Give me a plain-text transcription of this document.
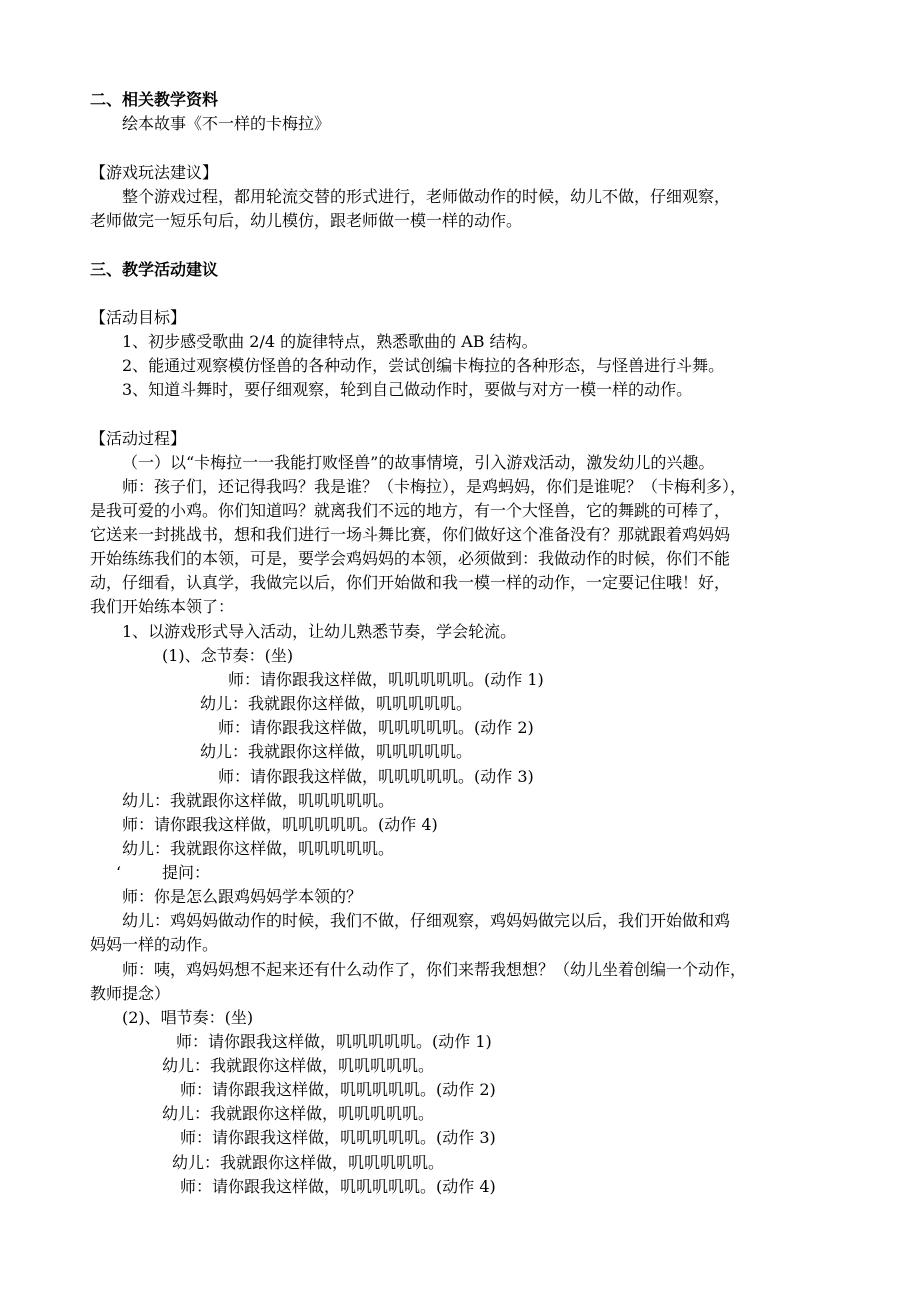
二、相关教学资料
绘本故事《不一样的卡梅拉》
【游戏玩法建议】
整个游戏过程，都用轮流交替的形式进行，老师做动作的时候，幼儿不做，仔细观察，
老师做完一短乐句后，幼儿模仿，跟老师做一模一样的动作。
三、教学活动建议
【活动目标】
1、初步感受歌曲 2/4 的旋律特点，熟悉歌曲的 AB 结构。
2、能通过观察模仿怪兽的各种动作，尝试创编卡梅拉的各种形态，与怪兽进行斗舞。
3、知道斗舞时，要仔细观察，轮到自己做动作时，要做与对方一模一样的动作。
【活动过程】
（一）以“卡梅拉一一我能打败怪兽”的故事情境，引入游戏活动，激发幼儿的兴趣。
师：孩子们，还记得我吗？我是谁？（卡梅拉），是鸡蚂妈，你们是谁呢？（卡梅利多），
是我可爱的小鸡。你们知道吗？就离我们不远的地方，有一个大怪兽，它的舞跳的可棒了，
它送来一封挑战书，想和我们进行一场斗舞比赛，你们做好这个准备没有？那就跟着鸡妈妈
开始练练我们的本领，可是，要学会鸡妈妈的本领，必须做到：我做动作的时候，你们不能
动，仔细看，认真学，我做完以后，你们开始做和我一模一样的动作，一定要记住哦！好，
我们开始练本领了：
1、以游戏形式导入活动，让幼儿熟悉节奏，学会轮流。
(1)、念节奏：(坐)
师：请你跟我这样做，叽叽叽叽叽。(动作 1)
幼儿：我就跟你这样做，叽叽叽叽叽。
师：请你跟我这样做，叽叽叽叽叽。(动作 2)
幼儿：我就跟你这样做，叽叽叽叽叽。
师：请你跟我这样做，叽叽叽叽叽。(动作 3)
幼儿：我就跟你这样做，叽叽叽叽叽。
师：请你跟我这样做，叽叽叽叽叽。(动作 4)
幼儿：我就跟你这样做，叽叽叽叽叽。
‘	提问：
师：你是怎么跟鸡妈妈学本领的？
幼儿：鸡妈妈做动作的时候，我们不做，仔细观察，鸡妈妈做完以后，我们开始做和鸡
妈妈一样的动作。
师：咦，鸡妈妈想不起来还有什么动作了，你们来帮我想想？（幼儿坐着创编一个动作，
教师提念）
(2)、唱节奏：(坐)
师：请你跟我这样做，叽叽叽叽叽。(动作 1)
幼儿：我就跟你这样做，叽叽叽叽叽。
师：请你跟我这样做，叽叽叽叽叽。(动作 2)
幼儿：我就跟你这样做，叽叽叽叽叽。
师：请你跟我这样做，叽叽叽叽叽。(动作 3)
幼儿：我就跟你这样做，叽叽叽叽叽。
师：请你跟我这样做，叽叽叽叽叽。(动作 4)
